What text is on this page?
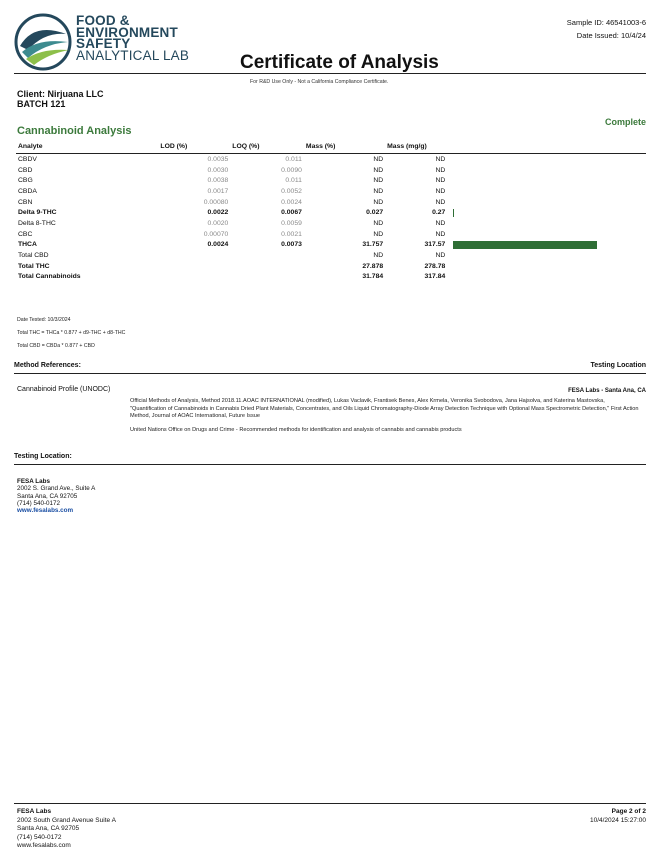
FOOD &
ENVIRONMENT
SAFETY
ANALYTICAL LAB	Certificate of Analysis
For R&D Use Only - Not a California Compliance Certificate.
Sample ID: 46541003-6
Date Issued: 10/4/24
Client: Nirjuana LLC
BATCH 121
Cannabinoid Analysis
Complete
Analyte	LOD (%)	LOQ (%)	Mass (%)	Mass (mg/g)	
CBDV	0.0035	0.011	ND	ND	
CBD	0.0030	0.0090	ND	ND	
CBG	0.0038	0.011	ND	ND	
CBDA	0.0017	0.0052	ND	ND	
CBN	0.00080	0.0024	ND	ND	
Delta 9-THC	0.0022	0.0067	0.027	0.27	

Delta 8-THC	0.0020	0.0059	ND	ND	
CBC	0.00070	0.0021	ND	ND	
THCA	0.0024	0.0073	31.757	317.57	

Total CBD			ND	ND	
Total THC			27.878	278.78	
Total Cannabinoids			31.784	317.84	
Date Tested: 10/3/2024
Total THC = THCa * 0.877 + d9-THC + d8-THC
Total CBD = CBDa * 0.877 + CBD
Method References:	Testing Location
Cannabinoid Profile (UNODC)	FESA Labs - Santa Ana, CA
Official Methods of Analysis, Method 2018.11.AOAC INTERNATIONAL (modified), Lukas Vaclavik, Frantisek Benes, Alex Krmela, Veronika Svobodova, Jana Hajsolva, and Katerina Mastovska, "Quantification of Cannabinoids in Cannabis Dried Plant Materials, Concentrates, and Oils Liquid Chromatography-Diode Array Detection Technique with Optional Mass Spectrometric Detection," First Action Method, Journal of AOAC International, Future Issue
United Nations Office on Drugs and Crime - Recommended methods for identification and analysis of cannabis and cannabis products
Testing Location:
FESA Labs
2002 S. Grand Ave., Suite A
Santa Ana, CA 92705
(714) 540-0172
www.fesalabs.com
FESA Labs
2002 South Grand Avenue Suite A
Santa Ana, CA 92705
(714) 540-0172
www.fesalabs.com
Page 2 of 2
10/4/2024 15:27:00
